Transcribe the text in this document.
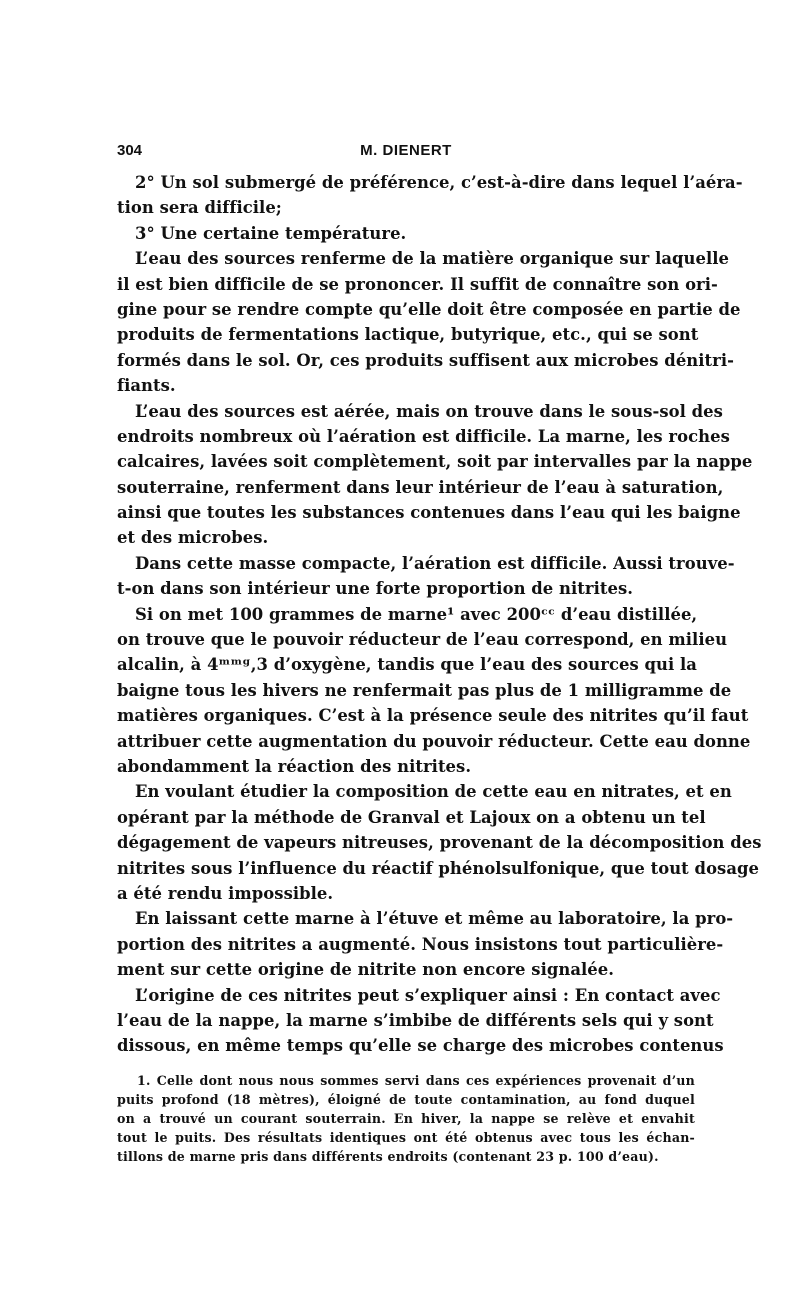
304	M. DIENERT
2° Un sol submergé de préférence, c’est-à-dire dans lequel l’aéra-
tion sera difficile;
3° Une certaine température.
L’eau des sources renferme de la matière organique sur laquelle
il est bien difficile de se prononcer. Il suffit de connaître son ori-
gine pour se rendre compte qu’elle doit être composée en partie de
produits de fermentations lactique, butyrique, etc., qui se sont
formés dans le sol. Or, ces produits suffisent aux microbes dénitri-
fiants.
L’eau des sources est aérée, mais on trouve dans le sous-sol des
endroits nombreux où l’aération est difficile. La marne, les roches
calcaires, lavées soit complètement, soit par intervalles par la nappe
souterraine, renferment dans leur intérieur de l’eau à saturation,
ainsi que toutes les substances contenues dans l’eau qui les baigne
et des microbes.
Dans cette masse compacte, l’aération est difficile. Aussi trouve-
t-on dans son intérieur une forte proportion de nitrites.
Si on met 100 grammes de marne¹ avec 200ᶜᶜ d’eau distillée,
on trouve que le pouvoir réducteur de l’eau correspond, en milieu
alcalin, à 4ᵐᵐᵍ,3 d’oxygène, tandis que l’eau des sources qui la
baigne tous les hivers ne renfermait pas plus de 1 milligramme de
matières organiques. C’est à la présence seule des nitrites qu’il faut
attribuer cette augmentation du pouvoir réducteur. Cette eau donne
abondamment la réaction des nitrites.
En voulant étudier la composition de cette eau en nitrates, et en
opérant par la méthode de Granval et Lajoux on a obtenu un tel
dégagement de vapeurs nitreuses, provenant de la décomposition des
nitrites sous l’influence du réactif phénolsulfonique, que tout dosage
a été rendu impossible.
En laissant cette marne à l’étuve et même au laboratoire, la pro-
portion des nitrites a augmenté. Nous insistons tout particulière-
ment sur cette origine de nitrite non encore signalée.
L’origine de ces nitrites peut s’expliquer ainsi : En contact avec
l’eau de la nappe, la marne s’imbibe de différents sels qui y sont
dissous, en même temps qu’elle se charge des microbes contenus
1. Celle dont nous nous sommes servi dans ces expériences provenait d’un
puits profond (18 mètres), éloigné de toute contamination, au fond duquel
on a trouvé un courant souterrain. En hiver, la nappe se relève et envahit
tout le puits. Des résultats identiques ont été obtenus avec tous les échan-
tillons de marne pris dans différents endroits (contenant 23 p. 100 d’eau).
